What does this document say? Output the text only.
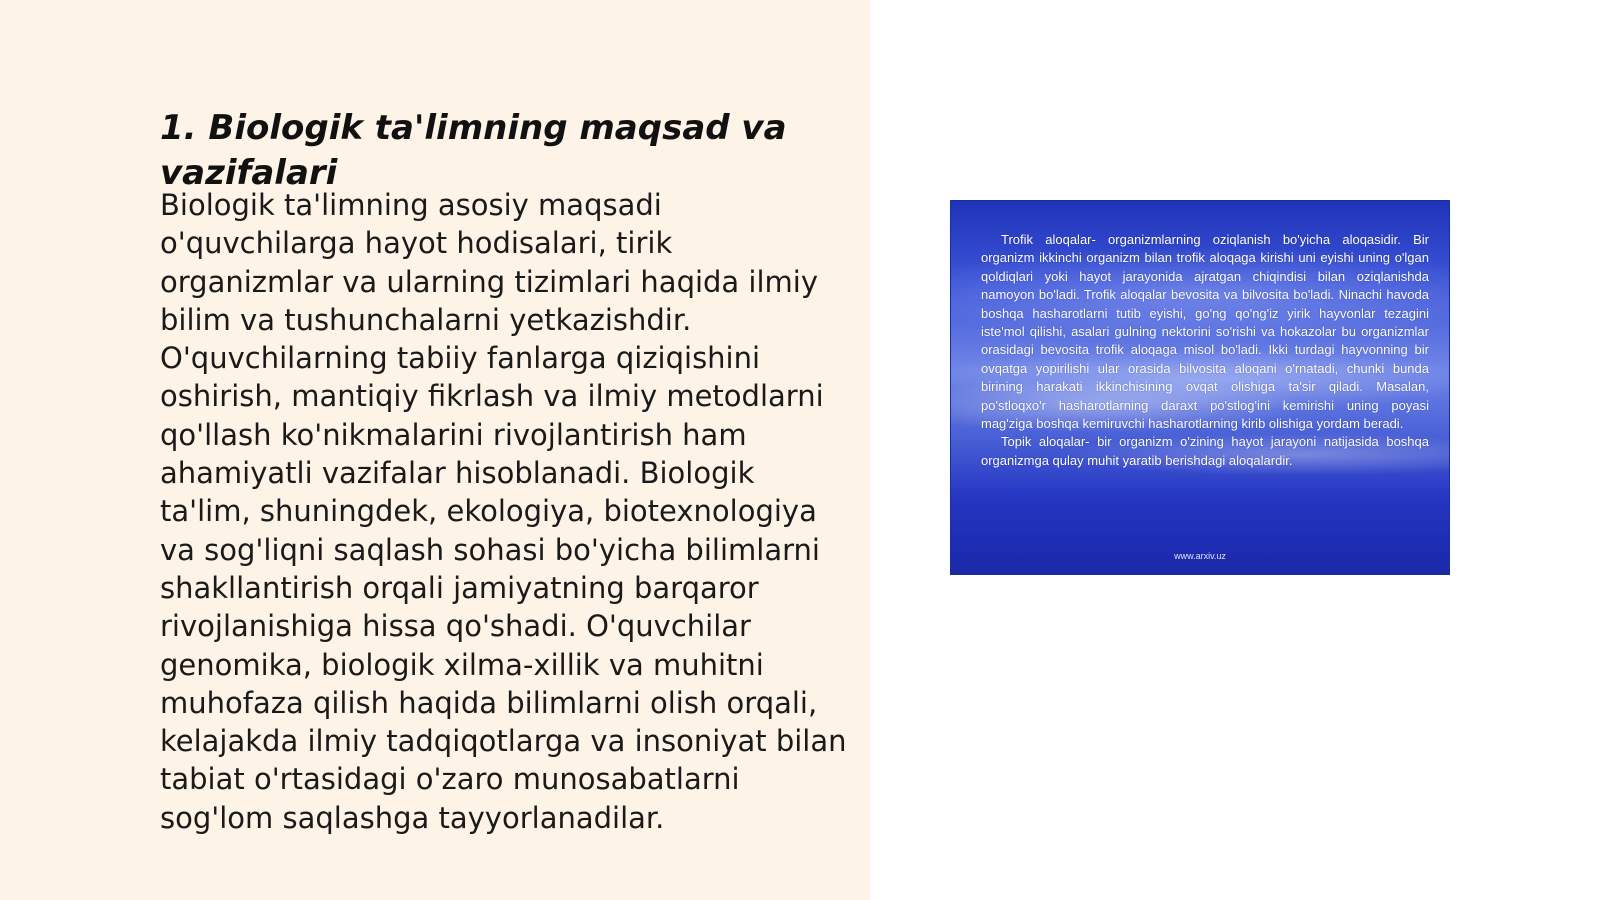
1. Biologik ta'limning maqsad va vazifalari

Biologik ta'limning asosiy maqsadi o'quvchilarga hayot hodisalari, tirik organizmlar va ularning tizimlari haqida ilmiy bilim va tushunchalarni yetkazishdir. O'quvchilarning tabiiy fanlarga qiziqishini oshirish, mantiqiy fikrlash va ilmiy metodlarni qo'llash ko'nikmalarini rivojlantirish ham ahamiyatli vazifalar hisoblanadi. Biologik ta'lim, shuningdek, ekologiya, biotexnologiya va sog'liqni saqlash sohasi bo'yicha bilimlarni shakllantirish orqali jamiyatning barqaror rivojlanishiga hissa qo'shadi. O'quvchilar genomika, biologik xilma-xillik va muhitni muhofaza qilish haqida bilimlarni olish orqali, kelajakda ilmiy tadqiqotlarga va insoniyat bilan tabiat o'rtasidagi o'zaro munosabatlarni sog'lom saqlashga tayyorlanadilar.

Trofik aloqalar- organizmlarning oziqlanish bo'yicha aloqasidir. Bir organizm ikkinchi organizm bilan trofik aloqaga kirishi uni eyishi uning o'lgan qoldiqlari yoki hayot jarayonida ajratgan chiqindisi bilan oziqlanishda namoyon bo'ladi. Trofik aloqalar bevosita va bilvosita bo'ladi. Ninachi havoda boshqa hasharotlarni tutib eyishi, go'ng qo'ng'iz yirik hayvonlar tezagini iste'mol qilishi, asalari gulning nektorini so'rishi va hokazolar bu organizmlar orasidagi bevosita trofik aloqaga misol bo'ladi. Ikki turdagi hayvonning bir ovqatga yopirilishi ular orasida bilvosita aloqani o'rnatadi, chunki bunda birining harakati ikkinchisining ovqat olishiga ta'sir qiladi. Masalan, po'stloqxo'r hasharotlarning daraxt po'stlog'ini kemirishi uning poyasi mag'ziga boshqa kemiruvchi hasharotlarning kirib olishiga yordam beradi.
Topik aloqalar- bir organizm o'zining hayot jarayoni natijasida boshqa organizmga qulay muhit yaratib berishdagi aloqalardir.
www.arxiv.uz
